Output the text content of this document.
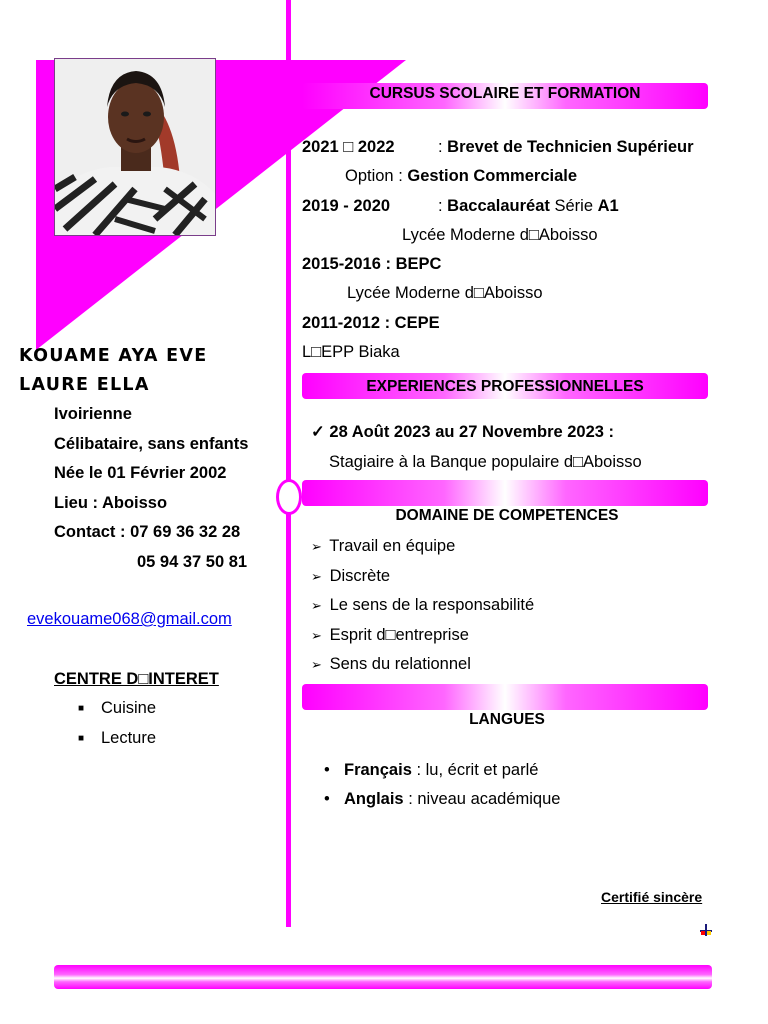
KOUAME AYA EVE
LAURE ELLA
Ivoirienne
Célibataire, sans enfants
Née le 01 Février 2002
Lieu : Aboisso
Contact : 07 69 36 32 28
05 94 37 50 81
evekouame068@gmail.com
CENTRE D□INTERET
■ Cuisine
■ Lecture
CURSUS SCOLAIRE ET FORMATION
2021 □ 2022	: Brevet de Technicien Supérieur
Option : Gestion Commerciale
2019 - 2020	: Baccalauréat Série A1
Lycée Moderne d□Aboisso
2015-2016 : BEPC
Lycée Moderne d□Aboisso
2011-2012 : CEPE
L□EPP Biaka
EXPERIENCES PROFESSIONNELLES
✓ 28 Août 2023 au 27 Novembre 2023 :
Stagiaire à la Banque populaire d□Aboisso
DOMAINE DE COMPETENCES
➢ Travail en équipe
➢ Discrète
➢ Le sens de la responsabilité
➢ Esprit d□entreprise
➢ Sens du relationnel
LANGUES
• Français : lu, écrit et parlé
• Anglais : niveau académique
Certifié sincère
